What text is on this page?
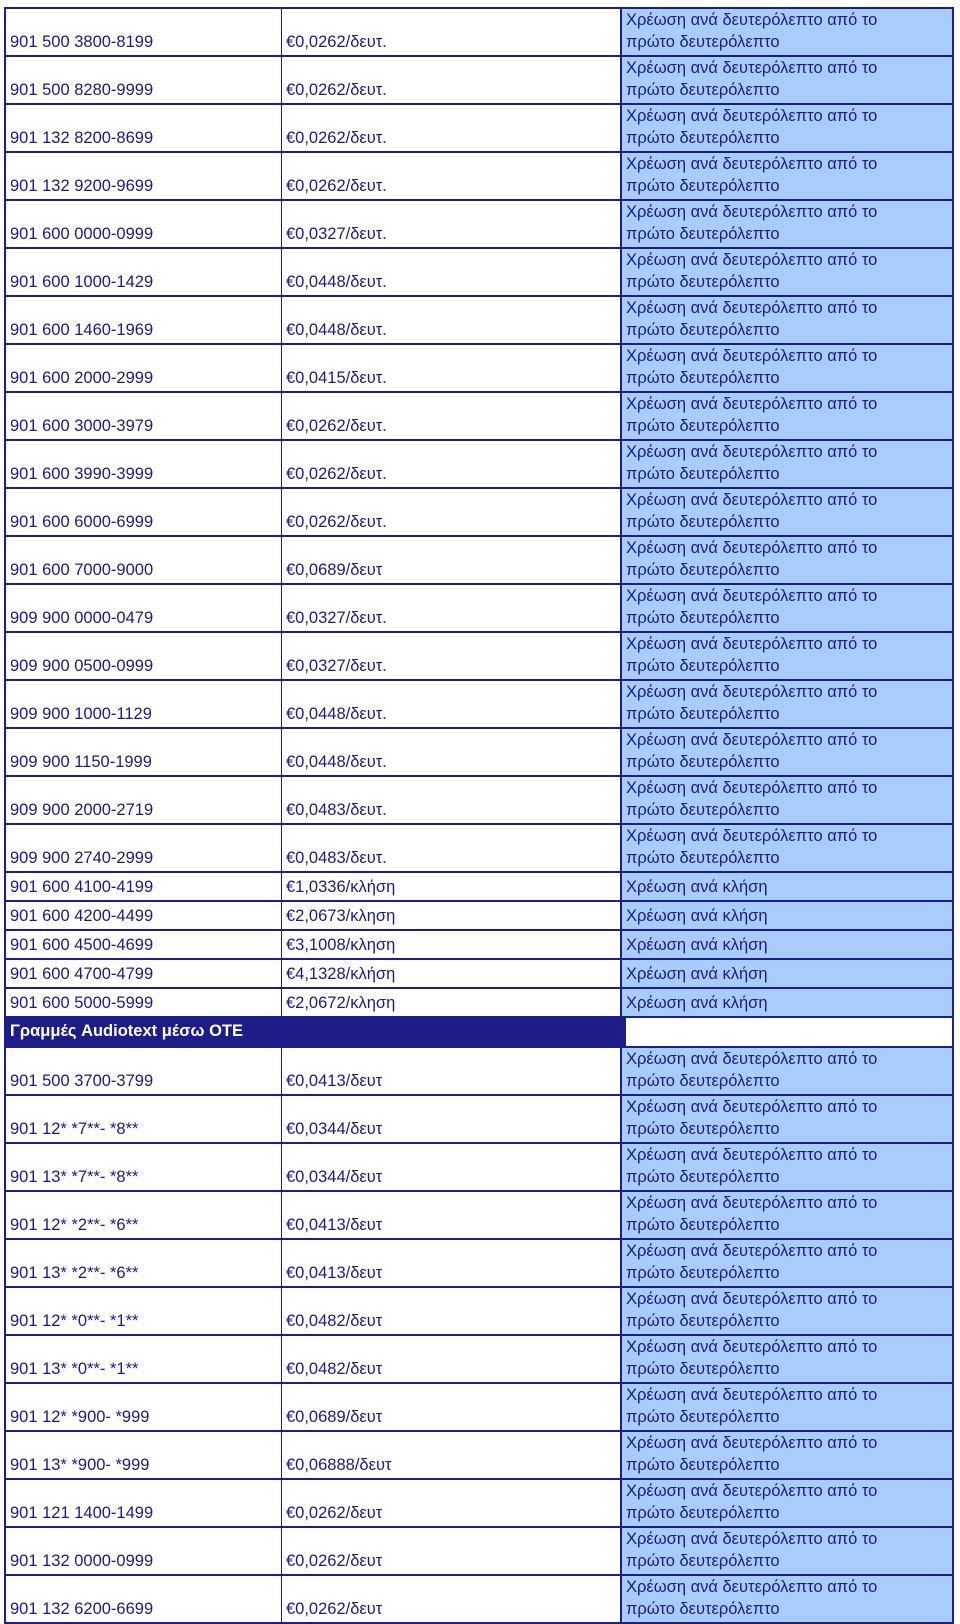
901 500 3800-8199	€0,0262/δευτ.	Χρέωση ανά δευτερόλεπτο από το
πρώτο δευτερόλεπτο

901 500 8280-9999	€0,0262/δευτ.	Χρέωση ανά δευτερόλεπτο από το
πρώτο δευτερόλεπτο

901 132 8200-8699	€0,0262/δευτ.	Χρέωση ανά δευτερόλεπτο από το
πρώτο δευτερόλεπτο

901 132 9200-9699	€0,0262/δευτ.	Χρέωση ανά δευτερόλεπτο από το
πρώτο δευτερόλεπτο

901 600 0000-0999	€0,0327/δευτ.	Χρέωση ανά δευτερόλεπτο από το
πρώτο δευτερόλεπτο

901 600 1000-1429	€0,0448/δευτ.	Χρέωση ανά δευτερόλεπτο από το
πρώτο δευτερόλεπτο

901 600 1460-1969	€0,0448/δευτ.	Χρέωση ανά δευτερόλεπτο από το
πρώτο δευτερόλεπτο

901 600 2000-2999	€0,0415/δευτ.	Χρέωση ανά δευτερόλεπτο από το
πρώτο δευτερόλεπτο

901 600 3000-3979	€0,0262/δευτ.	Χρέωση ανά δευτερόλεπτο από το
πρώτο δευτερόλεπτο

901 600 3990-3999	€0,0262/δευτ.	Χρέωση ανά δευτερόλεπτο από το
πρώτο δευτερόλεπτο

901 600 6000-6999	€0,0262/δευτ.	Χρέωση ανά δευτερόλεπτο από το
πρώτο δευτερόλεπτο

901 600 7000-9000	€0,0689/δευτ	Χρέωση ανά δευτερόλεπτο από το
πρώτο δευτερόλεπτο

909 900 0000-0479	€0,0327/δευτ.	Χρέωση ανά δευτερόλεπτο από το
πρώτο δευτερόλεπτο

909 900 0500-0999	€0,0327/δευτ.	Χρέωση ανά δευτερόλεπτο από το
πρώτο δευτερόλεπτο

909 900 1000-1129	€0,0448/δευτ.	Χρέωση ανά δευτερόλεπτο από το
πρώτο δευτερόλεπτο

909 900 1150-1999	€0,0448/δευτ.	Χρέωση ανά δευτερόλεπτο από το
πρώτο δευτερόλεπτο

909 900 2000-2719	€0,0483/δευτ.	Χρέωση ανά δευτερόλεπτο από το
πρώτο δευτερόλεπτο

909 900 2740-2999	€0,0483/δευτ.	Χρέωση ανά δευτερόλεπτο από το
πρώτο δευτερόλεπτο

901 600 4100-4199	€1,0336/κλήση	Χρέωση ανά κλήση
901 600 4200-4499	€2,0673/κληση	Χρέωση ανά κλήση
901 600 4500-4699	€3,1008/κληση	Χρέωση ανά κλήση
901 600 4700-4799	€4,1328/κλήση	Χρέωση ανά κλήση
901 600 5000-5999	€2,0672/κληση	Χρέωση ανά κλήση
Γραμμές Audiotext μέσω ΟΤΕ		
901 500 3700-3799	€0,0413/δευτ	Χρέωση ανά δευτερόλεπτο από το
πρώτο δευτερόλεπτο

901 12* *7**- *8**	€0,0344/δευτ	Χρέωση ανά δευτερόλεπτο από το
πρώτο δευτερόλεπτο

901 13* *7**- *8**	€0,0344/δευτ	Χρέωση ανά δευτερόλεπτο από το
πρώτο δευτερόλεπτο

901 12* *2**- *6**	€0,0413/δευτ	Χρέωση ανά δευτερόλεπτο από το
πρώτο δευτερόλεπτο

901 13* *2**- *6**	€0,0413/δευτ	Χρέωση ανά δευτερόλεπτο από το
πρώτο δευτερόλεπτο

901 12* *0**- *1**	€0,0482/δευτ	Χρέωση ανά δευτερόλεπτο από το
πρώτο δευτερόλεπτο

901 13* *0**- *1**	€0,0482/δευτ	Χρέωση ανά δευτερόλεπτο από το
πρώτο δευτερόλεπτο

901 12* *900- *999	€0,0689/δευτ	Χρέωση ανά δευτερόλεπτο από το
πρώτο δευτερόλεπτο

901 13* *900- *999	€0,06888/δευτ	Χρέωση ανά δευτερόλεπτο από το
πρώτο δευτερόλεπτο

901 121 1400-1499	€0,0262/δευτ	Χρέωση ανά δευτερόλεπτο από το
πρώτο δευτερόλεπτο

901 132 0000-0999	€0,0262/δευτ	Χρέωση ανά δευτερόλεπτο από το
πρώτο δευτερόλεπτο

901 132 6200-6699	€0,0262/δευτ	Χρέωση ανά δευτερόλεπτο από το
πρώτο δευτερόλεπτο
